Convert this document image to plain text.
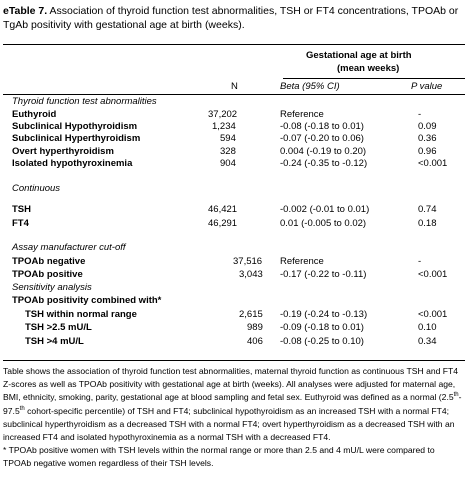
eTable 7. Association of thyroid function test abnormalities, TSH or FT4 concentrations, TPOAb or TgAb positivity with gestational age at birth (weeks).
Gestational age at birth
(mean weeks)
N	Beta (95% CI)	P value
Thyroid function test abnormalities
Euthyroid	37,202	Reference	-
Subclinical Hypothyroidism	1,234	-0.08 (-0.18 to 0.01)	0.09
Subclinical Hyperthyroidism	594	-0.07 (-0.20 to 0.06)	0.36
Overt hyperthyroidism	328	0.004 (-0.19 to 0.20)	0.96
Isolated hypothyroxinemia	904	-0.24 (-0.35 to -0.12)	<0.001
Continuous
TSH	46,421	-0.002 (-0.01 to 0.01)	0.74
FT4	46,291	0.01 (-0.005 to 0.02)	0.18
Assay manufacturer cut-off
TPOAb negative	37,516 Reference	-
TPOAb positive	3,043 -0.17 (-0.22 to -0.11)	<0.001
Sensitivity analysis
TPOAb positivity combined with*
TSH within normal range	2,615 -0.19 (-0.24 to -0.13)	<0.001
TSH >2.5 mU/L	989 -0.09 (-0.18 to 0.01)	0.10
TSH >4 mU/L	406 -0.08 (-0.25 to 0.10)	0.34

Table shows the association of thyroid function test abnormalities, maternal thyroid function as continuous TSH and FT4 Z-scores as well as TPOAb positivity with gestational age at birth (weeks). All analyses were adjusted for maternal age, BMI, ethnicity, smoking, parity, gestational age at blood sampling and fetal sex. Euthyroid was defined as a normal (2.5th-97.5th cohort-specific percentile) of TSH and FT4; subclinical hypothyroidism as an increased TSH with a normal FT4; subclinical hyperthyroidism as a decreased TSH with a normal FT4; overt hyperthyroidism as a decreased TSH with an increased FT4 and isolated hypothyroxinemia as a normal TSH with a decreased FT4.

* TPOAb positive women with TSH levels within the normal range or more than 2.5 and 4 mU/L were compared to TPOAb negative women regardless of their TSH levels.
